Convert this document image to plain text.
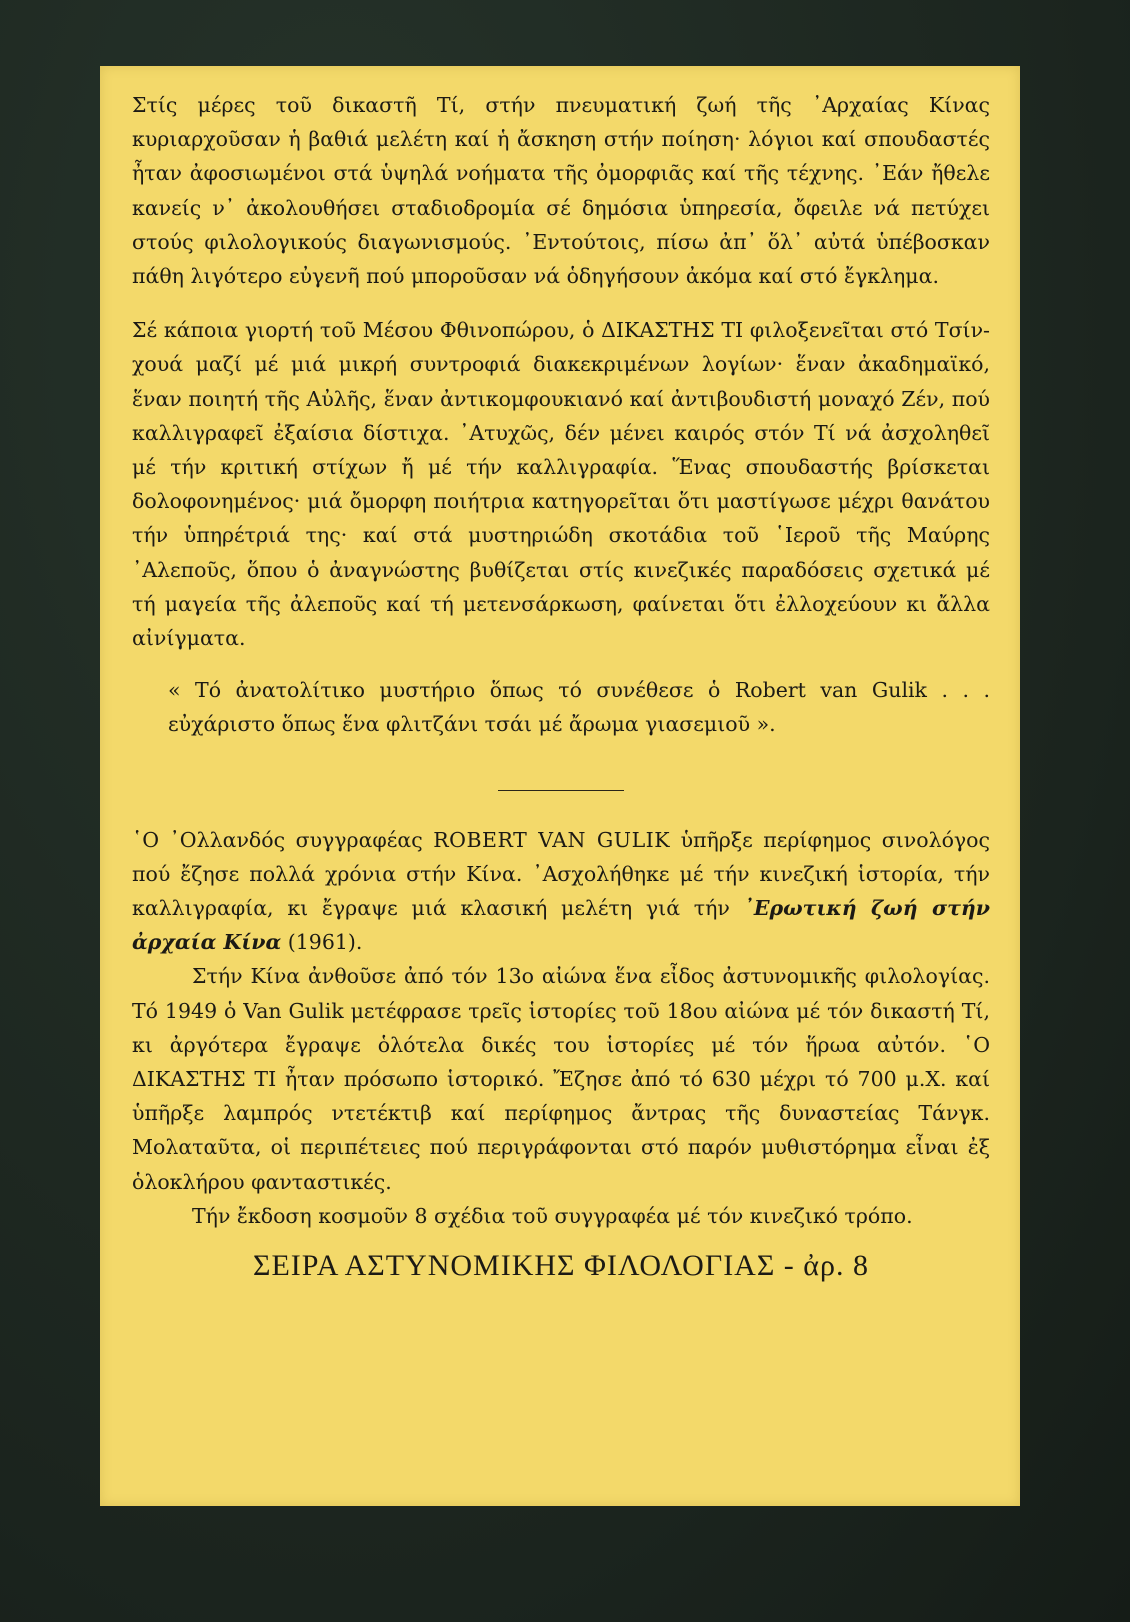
Στίς μέρες τοῦ δικαστῆ Τί, στήν πνευματική ζωή τῆς ᾿Αρχαίας Κίνας κυριαρχοῦσαν ἡ βαθιά μελέτη καί ἡ ἄσκηση στήν ποίηση· λόγιοι καί σπουδαστές ἦταν ἀφοσιωμένοι στά ὑψηλά νοήματα τῆς ὀμορφιᾶς καί τῆς τέχνης. ᾿Εάν ἤθελε κανείς ν᾿ ἀκολουθήσει σταδιοδρομία σέ δημόσια ὑπηρεσία, ὄφειλε νά πετύχει στούς φιλολογικούς διαγωνισμούς. ᾿Εντούτοις, πίσω ἀπ᾿ ὅλ᾿ αὐτά ὑπέβοσκαν πάθη λιγότερο εὐγενῆ πού μποροῦσαν νά ὁδηγήσουν ἀκόμα καί στό ἔγκλημα.

Σέ κάποια γιορτή τοῦ Μέσου Φθινοπώρου, ὁ ΔΙΚΑΣΤΗΣ ΤΙ φιλοξενεῖται στό Τσίν-χουά μαζί μέ μιά μικρή συντροφιά διακεκριμένων λογίων· ἕναν ἀκαδημαϊκό, ἕναν ποιητή τῆς Αὐλῆς, ἕναν ἀντικομφουκιανό καί ἀντιβουδιστή μοναχό Ζέν, πού καλλιγραφεῖ ἐξαίσια δίστιχα. ᾿Ατυχῶς, δέν μένει καιρός στόν Τί νά ἀσχοληθεῖ μέ τήν κριτική στίχων ἤ μέ τήν καλλιγραφία. Ἕνας σπουδαστής βρίσκεται δολοφονημένος· μιά ὄμορφη ποιήτρια κατηγορεῖται ὅτι μαστίγωσε μέχρι θανάτου τήν ὑπηρέτριά της· καί στά μυστηριώδη σκοτάδια τοῦ ῾Ιεροῦ τῆς Μαύρης ᾿Αλεποῦς, ὅπου ὁ ἀναγνώστης βυθίζεται στίς κινεζικές παραδόσεις σχετικά μέ τή μαγεία τῆς ἀλεποῦς καί τή μετενσάρκωση, φαίνεται ὅτι ἐλλοχεύουν κι ἄλλα αἰνίγματα.

« Τό ἀνατολίτικο μυστήριο ὅπως τό συνέθεσε ὁ Robert van Gulik . . . εὐχάριστο ὅπως ἕνα φλιτζάνι τσάι μέ ἄρωμα γιασεμιοῦ ».

῾Ο ᾿Ολλανδός συγγραφέας ROBERT VAN GULIK ὑπῆρξε περίφημος σινολόγος πού ἔζησε πολλά χρόνια στήν Κίνα. ᾿Ασχολήθηκε μέ τήν κινεζική ἱστορία, τήν καλλιγραφία, κι ἔγραψε μιά κλασική μελέτη γιά τήν ᾿Ερωτική ζωή στήν ἀρχαία Κίνα (1961).

Στήν Κίνα ἀνθοῦσε ἀπό τόν 13ο αἰώνα ἕνα εἶδος ἀστυνομικῆς φιλολογίας. Τό 1949 ὁ Van Gulik μετέφρασε τρεῖς ἱστορίες τοῦ 18ου αἰώνα μέ τόν δικαστή Τί, κι ἀργότερα ἔγραψε ὁλότελα δικές του ἱστορίες μέ τόν ἥρωα αὐτόν. ῾Ο ΔΙΚΑΣΤΗΣ ΤΙ ἦταν πρόσωπο ἱστορικό. Ἔζησε ἀπό τό 630 μέχρι τό 700 μ.Χ. καί ὑπῆρξε λαμπρός ντετέκτιβ καί περίφημος ἄντρας τῆς δυναστείας Τάνγκ. Μολαταῦτα, οἱ περιπέτειες πού περιγράφονται στό παρόν μυθιστόρημα εἶναι ἐξ ὁλοκλήρου φανταστικές.

Τήν ἔκδοση κοσμοῦν 8 σχέδια τοῦ συγγραφέα μέ τόν κινεζικό τρόπο.

ΣΕΙΡΑ ΑΣΤΥΝΟΜΙΚΗΣ ΦΙΛΟΛΟΓΙΑΣ - ἀρ. 8
